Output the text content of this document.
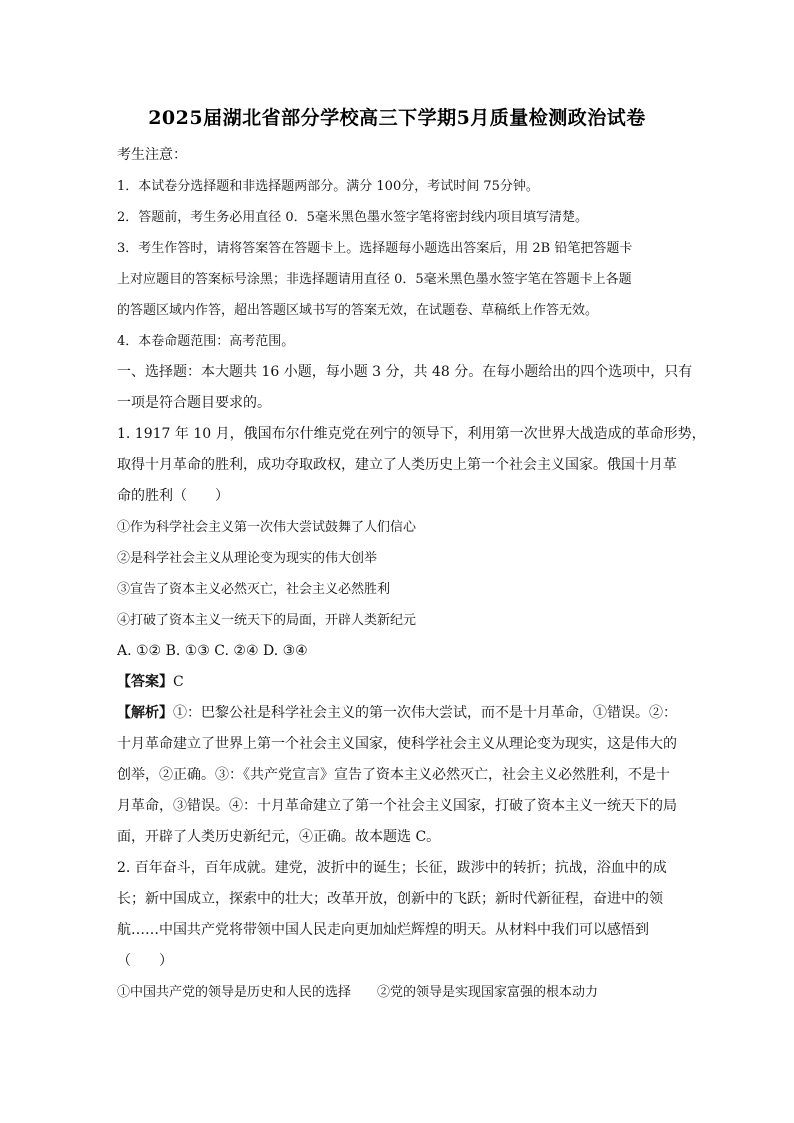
2025届湖北省部分学校高三下学期5月质量检测政治试卷
考生注意：
1．本试卷分选择题和非选择题两部分。满分 100分，考试时间 75分钟。
2．答题前，考生务必用直径 0．5毫米黑色墨水签字笔将密封线内项目填写清楚。
3．考生作答时，请将答案答在答题卡上。选择题每小题选出答案后，用 2B 铅笔把答题卡
上对应题目的答案标号涂黑；非选择题请用直径 0．5毫米黑色墨水签字笔在答题卡上各题
的答题区域内作答，超出答题区域书写的答案无效，在试题卷、草稿纸上作答无效。
4．本卷命题范围：高考范围。
一、选择题：本大题共 16 小题，每小题 3 分，共 48 分。在每小题给出的四个选项中，只有
一项是符合题目要求的。
1. 1917 年 10 月，俄国布尔什维克党在列宁的领导下，利用第一次世界大战造成的革命形势，
取得十月革命的胜利，成功夺取政权，建立了人类历史上第一个社会主义国家。俄国十月革
命的胜利（　　）
①作为科学社会主义第一次伟大尝试鼓舞了人们信心
②是科学社会主义从理论变为现实的伟大创举
③宣告了资本主义必然灭亡，社会主义必然胜利
④打破了资本主义一统天下的局面，开辟人类新纪元
A. ①② B. ①③ C. ②④ D. ③④
【答案】C
【解析】①：巴黎公社是科学社会主义的第一次伟大尝试，而不是十月革命，①错误。②：
十月革命建立了世界上第一个社会主义国家，使科学社会主义从理论变为现实，这是伟大的
创举，②正确。③：《共产党宣言》宣告了资本主义必然灭亡，社会主义必然胜利，不是十
月革命，③错误。④：十月革命建立了第一个社会主义国家，打破了资本主义一统天下的局
面，开辟了人类历史新纪元，④正确。故本题选 C。
2. 百年奋斗，百年成就。建党，波折中的诞生；长征，跋涉中的转折；抗战，浴血中的成
长；新中国成立，探索中的壮大；改革开放，创新中的飞跃；新时代新征程，奋进中的领
航……中国共产党将带领中国人民走向更加灿烂辉煌的明天。从材料中我们可以感悟到
（　　）
①中国共产党的领导是历史和人民的选择 ②党的领导是实现国家富强的根本动力
